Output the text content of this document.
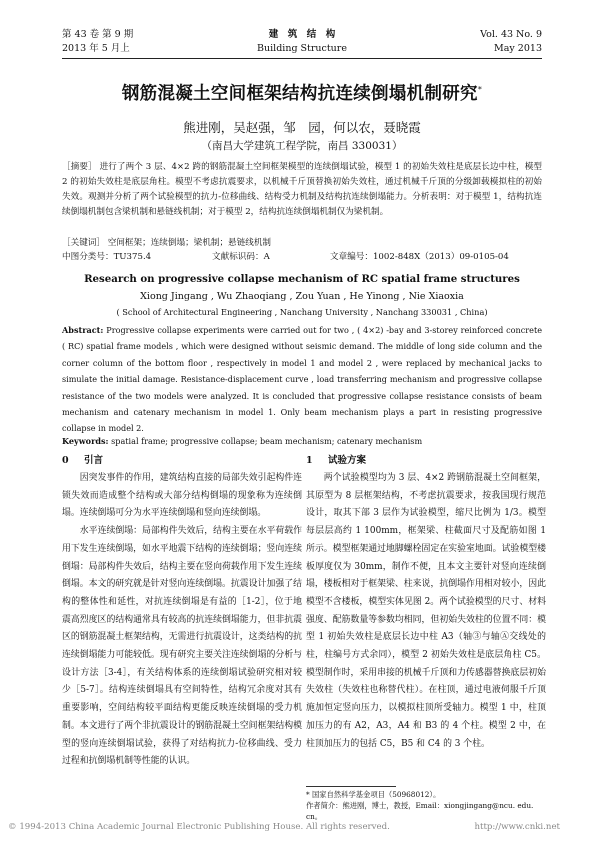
第 43 卷 第 9 期
2013 年 5 月上
建　筑　结　构
Building Structure
Vol. 43 No. 9
May 2013
钢筋混凝土空间框架结构抗连续倒塌机制研究*
熊进刚，吴赵强，邹　园，何以农，聂晓霞
（南昌大学建筑工程学院，南昌 330031）
［摘要］ 进行了两个 3 层、4×2 跨的钢筋混凝土空间框架模型的连续倒塌试验，模型 1 的初始失效柱是底层长边中柱，模型 2 的初始失效柱是底层角柱。模型不考虑抗震要求，以机械千斤顶替换初始失效柱，通过机械千斤顶的分级卸载模拟柱的初始失效。观测并分析了两个试验模型的抗力-位移曲线、结构受力机制及结构抗连续倒塌能力。分析表明：对于模型 1，结构抗连续倒塌机制包含梁机制和悬链线机制；对于模型 2，结构抗连续倒塌机制仅为梁机制。
［关键词］ 空间框架；连续倒塌；梁机制；悬链线机制
中图分类号：TU375.4	文献标识码：A	文章编号：1002-848X（2013）09-0105-04
Research on progressive collapse mechanism of RC spatial frame structures
Xiong Jingang , Wu Zhaoqiang , Zou Yuan , He Yinong , Nie Xiaoxia
( School of Architectural Engineering , Nanchang University , Nanchang 330031 , China)
Abstract: Progressive collapse experiments were carried out for two , ( 4×2) -bay and 3-storey reinforced concrete ( RC) spatial frame models , which were designed without seismic demand. The middle of long side column and the corner column of the bottom floor , respectively in model 1 and model 2 , were replaced by mechanical jacks to simulate the initial damage. Resistance-displacement curve , load transferring mechanism and progressive collapse resistance of the two models were analyzed. It is concluded that progressive collapse resistance consists of beam mechanism and catenary mechanism in model 1. Only beam mechanism plays a part in resisting progressive collapse in model 2.
Keywords: spatial frame; progressive collapse; beam mechanism; catenary mechanism
0 引言

因突发事件的作用，建筑结构直接的局部失效引起构件连锁失效而造成整个结构或大部分结构倒塌的现象称为连续倒塌。连续倒塌可分为水平连续倒塌和竖向连续倒塌。

水平连续倒塌：局部构件失效后，结构主要在水平荷载作用下发生连续倒塌，如水平地震下结构的连续倒塌；竖向连续倒塌：局部构件失效后，结构主要在竖向荷载作用下发生连续倒塌。本文的研究就是针对竖向连续倒塌。抗震设计加强了结构的整体性和延性，对抗连续倒塌是有益的［1-2］，位于地震高烈度区的结构通常具有较高的抗连续倒塌能力，但非抗震区的钢筋混凝土框架结构，无需进行抗震设计，这类结构的抗连续倒塌能力可能较低。现有研究主要关注连续倒塌的分析与设计方法［3-4］，有关结构体系的连续倒塌试验研究相对较少［5-7］。结构连续倒塌具有空间特性，结构冗余度对其有重要影响，空间结构较平面结构更能反映连续倒塌的受力机制。本文进行了两个非抗震设计的钢筋混凝土空间框架结构模型的竖向连续倒塌试验，获得了对结构抗力-位移曲线、受力过程和抗倒塌机制等性能的认识。

1 试验方案

两个试验模型均为 3 层、4×2 跨钢筋混凝土空间框架，其原型为 8 层框架结构，不考虑抗震要求，按我国现行规范设计，取其下部 3 层作为试验模型，缩尺比例为 1/3。模型每层层高约 1 100mm，框架梁、柱截面尺寸及配筋如图 1 所示。模型框架通过地脚螺栓固定在实验室地面。试验模型楼板厚度仅为 30mm，制作不便，且本文主要针对竖向连续倒塌，楼板相对于框架梁、柱来说，抗倒塌作用相对较小，因此模型不含楼板，模型实体见图 2。两个试验模型的尺寸、材料强度、配筋数量等参数均相同，但初始失效柱的位置不同：模型 1 初始失效柱是底层长边中柱 A3（轴③与轴Ⓐ交线处的柱，柱编号方式余同），模型 2 初始失效柱是底层角柱 C5。模型制作时，采用串接的机械千斤顶和力传感器替换底层初始失效柱（失效柱也称替代柱）。在柱顶，通过电液伺服千斤顶施加恒定竖向压力，以模拟柱顶所受轴力。模型 1 中，柱顶加压力的有 A2，A3，A4 和 B3 的 4 个柱。模型 2 中，在柱顶加压力的包括 C5，B5 和 C4 的 3 个柱。

* 国家自然科学基金项目（50968012）。
作者简介：熊进刚，博士，教授，Email：xiongjingang@ncu. edu. cn。
© 1994-2013 China Academic Journal Electronic Publishing House. All rights reserved.	http://www.cnki.net
